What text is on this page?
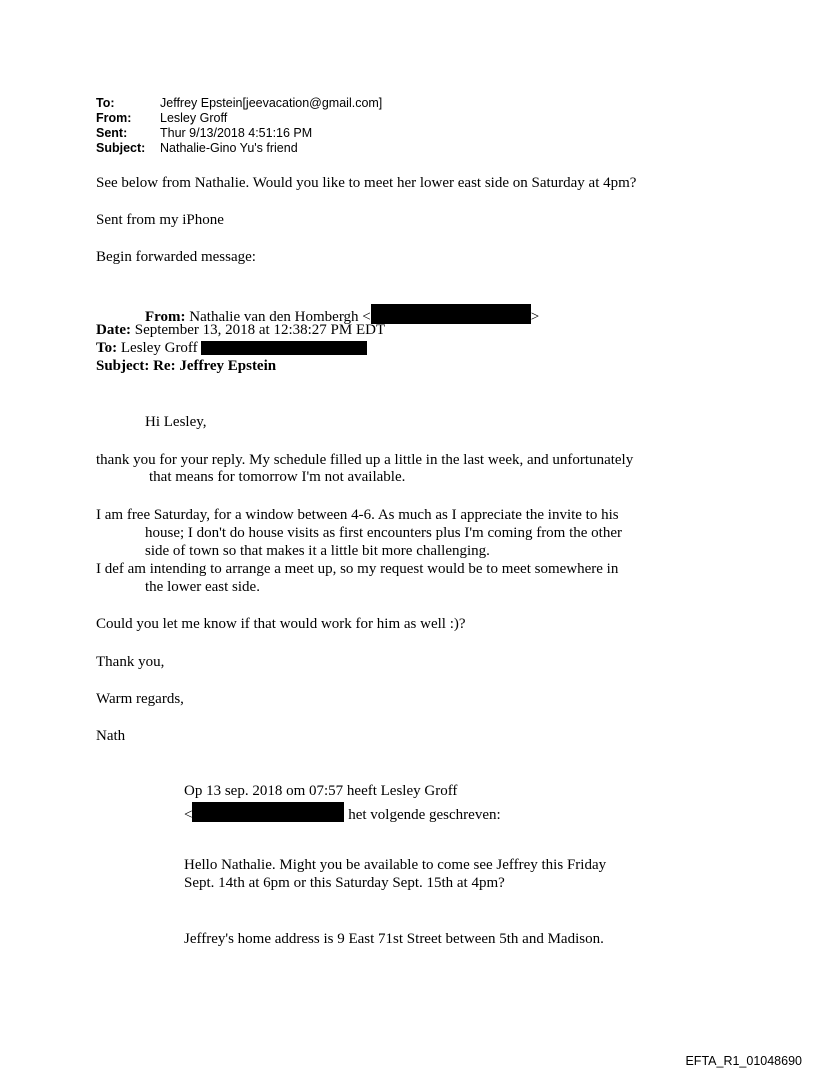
To:	Jeffrey Epstein[jeevacation@gmail.com]
From:	Lesley Groff
Sent:	Thur 9/13/2018 4:51:16 PM
Subject:	Nathalie-Gino Yu's friend
See below from Nathalie. Would you like to meet her lower east side on Saturday at 4pm?
Sent from my iPhone
Begin forwarded message:
From: Nathalie van den Hombergh <	>
Date: September 13, 2018 at 12:38:27 PM EDT
To: Lesley Groff
Subject: Re: Jeffrey Epstein
Hi Lesley,
thank you for your reply. My schedule filled up a little in the last week, and unfortunately
that means for tomorrow I'm not available.
I am free Saturday, for a window between 4-6. As much as I appreciate the invite to his
house; I don't do house visits as first encounters plus I'm coming from the other
side of town so that makes it a little bit more challenging.
I def am intending to arrange a meet up, so my request would be to meet somewhere in
the lower east side.
Could you let me know if that would work for him as well :)?
Thank you,
Warm regards,
Nath
Op 13 sep. 2018 om 07:57 heeft Lesley Groff
<	het volgende geschreven:
Hello Nathalie. Might you be available to come see Jeffrey this Friday
Sept. 14th at 6pm or this Saturday Sept. 15th at 4pm?
Jeffrey's home address is 9 East 71st Street between 5th and Madison.
EFTA_R1_01048690
